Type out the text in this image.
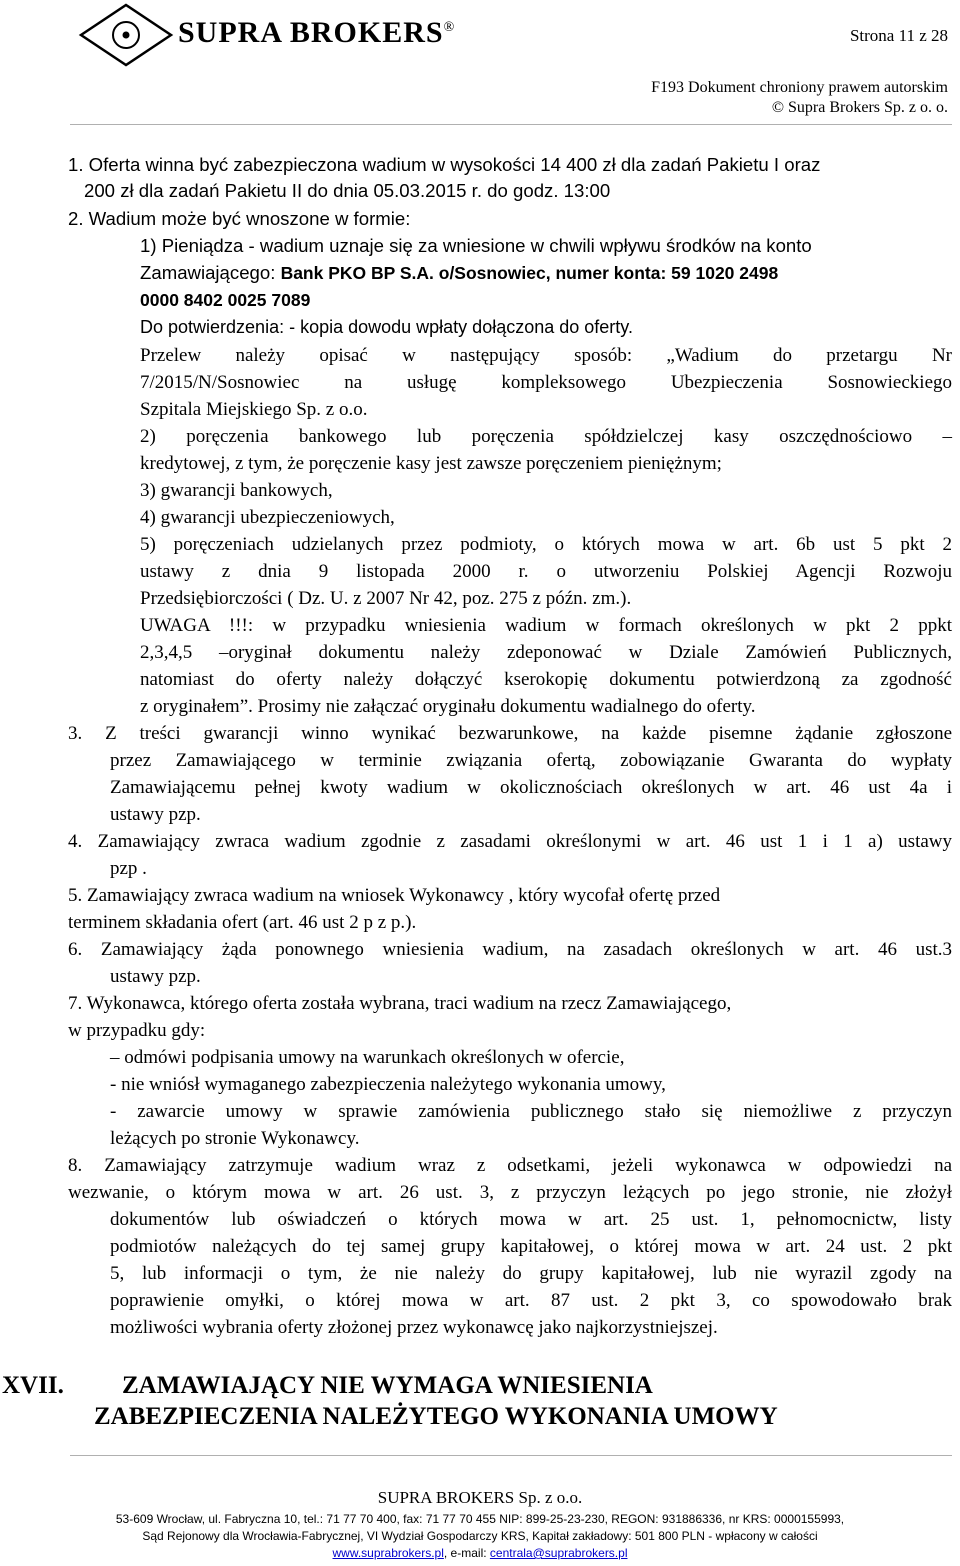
SUPRA BROKERS®	Strona 11 z 28
F193 Dokument chroniony prawem autorskim
© Supra Brokers Sp. z o. o.
1. Oferta winna być zabezpieczona wadium w wysokości 14 400 zł dla zadań Pakietu I oraz
200 zł dla zadań Pakietu II do dnia 05.03.2015 r. do godz. 13:00
2. Wadium może być wnoszone w formie:
1) Pieniądza - wadium uznaje się za wniesione w chwili wpływu środków na konto
Zamawiającego: Bank PKO BP S.A. o/Sosnowiec, numer konta: 59 1020 2498
0000 8402 0025 7089
Do potwierdzenia: - kopia dowodu wpłaty dołączona do oferty.
Przelew należy opisać w następujący sposób: „Wadium do przetargu Nr
7/2015/N/Sosnowiec na usługę kompleksowego Ubezpieczenia Sosnowieckiego
Szpitala Miejskiego Sp. z o.o.
2) poręczenia bankowego lub poręczenia spółdzielczej kasy oszczędnościowo –
kredytowej, z tym, że poręczenie kasy jest zawsze poręczeniem pieniężnym;
3) gwarancji bankowych,
4) gwarancji ubezpieczeniowych,
5) poręczeniach udzielanych przez podmioty, o których mowa w art. 6b ust 5 pkt 2
ustawy z dnia 9 listopada 2000 r. o utworzeniu Polskiej Agencji Rozwoju
Przedsiębiorczości ( Dz. U. z 2007 Nr 42, poz. 275 z późn. zm.).
UWAGA !!!: w przypadku wniesienia wadium w formach określonych w pkt 2 ppkt
2,3,4,5 –oryginał dokumentu należy zdeponować w Dziale Zamówień Publicznych,
natomiast do oferty należy dołączyć kserokopię dokumentu potwierdzoną za zgodność
z oryginałem”. Prosimy nie załączać oryginału dokumentu wadialnego do oferty.
3. Z treści gwarancji winno wynikać bezwarunkowe, na każde pisemne żądanie zgłoszone
przez Zamawiającego w terminie związania ofertą, zobowiązanie Gwaranta do wypłaty
Zamawiającemu pełnej kwoty wadium w okolicznościach określonych w art. 46 ust 4a i
ustawy pzp.
4. Zamawiający zwraca wadium zgodnie z zasadami określonymi w art. 46 ust 1 i 1 a) ustawy
pzp .
5. Zamawiający zwraca wadium na wniosek Wykonawcy , który wycofał ofertę przed
terminem składania ofert (art. 46 ust 2 p z p.).
6. Zamawiający żąda ponownego wniesienia wadium, na zasadach określonych w art. 46 ust.3
ustawy pzp.
7. Wykonawca, którego oferta została wybrana, traci wadium na rzecz Zamawiającego,
w przypadku gdy:
– odmówi podpisania umowy na warunkach określonych w ofercie,
- nie wniósł wymaganego zabezpieczenia należytego wykonania umowy,
- zawarcie umowy w sprawie zamówienia publicznego stało się niemożliwe z przyczyn
leżących po stronie Wykonawcy.
8. Zamawiający zatrzymuje wadium wraz z odsetkami, jeżeli wykonawca w odpowiedzi na
wezwanie, o którym mowa w art. 26 ust. 3, z przyczyn leżących po jego stronie, nie złożył
dokumentów lub oświadczeń o których mowa w art. 25 ust. 1, pełnomocnictw, listy
podmiotów należących do tej samej grupy kapitałowej, o której mowa w art. 24 ust. 2 pkt
5, lub informacji o tym, że nie należy do grupy kapitałowej, lub nie wyrazil zgody na
poprawienie omyłki, o której mowa w art. 87 ust. 2 pkt 3, co spowodowało brak
możliwości wybrania oferty złożonej przez wykonawcę jako najkorzystniejszej.
XVII. ZAMAWIAJĄCY NIE WYMAGA WNIESIENIA
ZABEZPIECZENIA NALEŻYTEGO WYKONANIA UMOWY
SUPRA BROKERS Sp. z o.o.
53-609 Wrocław, ul. Fabryczna 10, tel.: 71 77 70 400, fax: 71 77 70 455 NIP: 899-25-23-230, REGON: 931886336, nr KRS: 0000155993,
Sąd Rejonowy dla Wrocławia-Fabrycznej, VI Wydział Gospodarczy KRS, Kapitał zakładowy: 501 800 PLN - wpłacony w całości
www.suprabrokers.pl, e-mail: centrala@suprabrokers.pl
